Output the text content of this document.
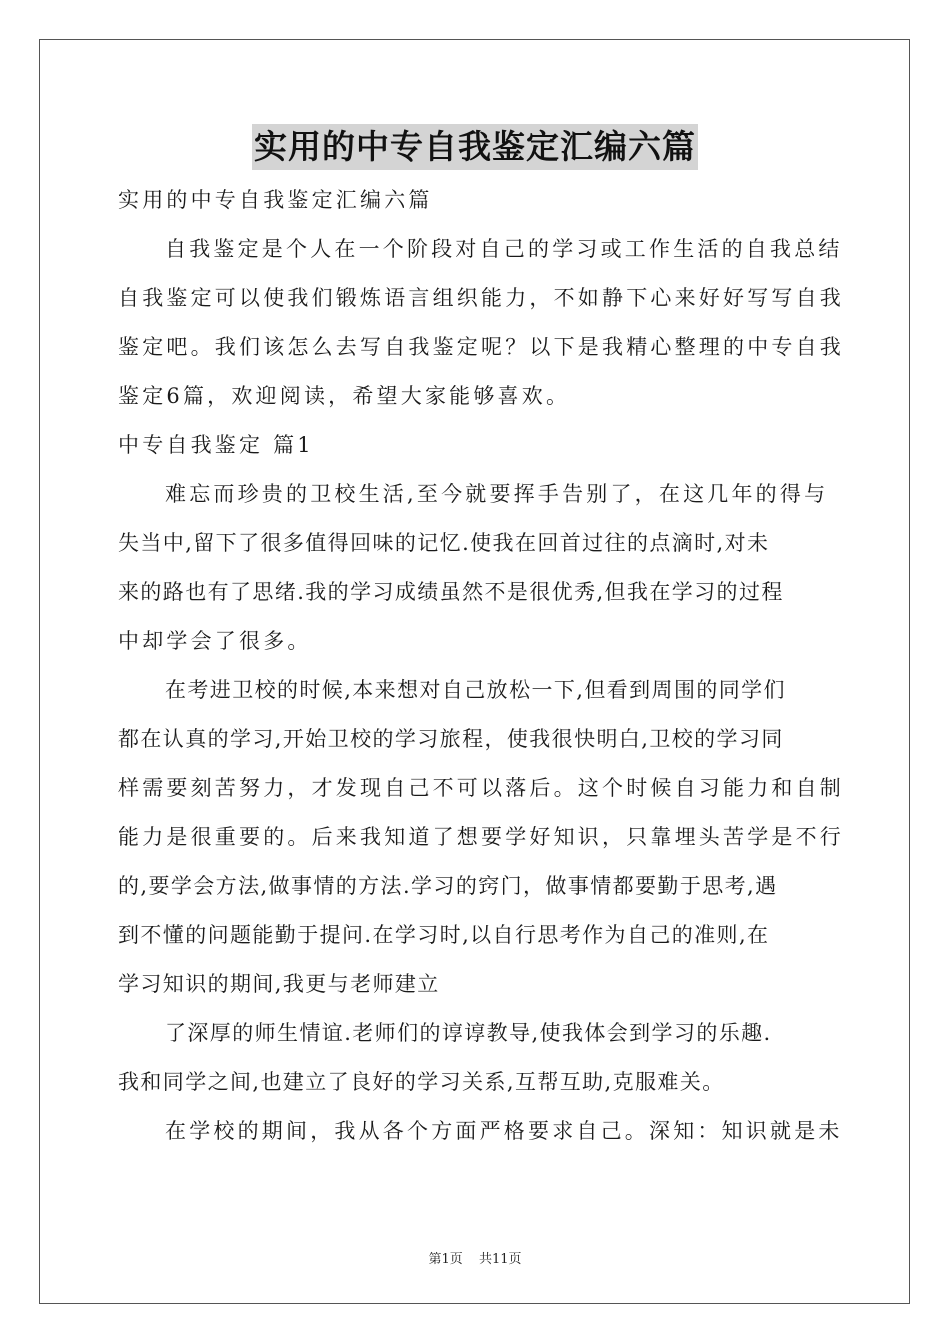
实用的中专自我鉴定汇编六篇
实用的中专自我鉴定汇编六篇
自我鉴定是个人在一个阶段对自己的学习或工作生活的自我总结
自我鉴定可以使我们锻炼语言组织能力，不如静下心来好好写写自我
鉴定吧。我们该怎么去写自我鉴定呢？以下是我精心整理的中专自我
鉴定6篇，欢迎阅读，希望大家能够喜欢。
中专自我鉴定 篇1
难忘而珍贵的卫校生活,至今就要挥手告别了，在这几年的得与
失当中,留下了很多值得回味的记忆.使我在回首过往的点滴时,对未
来的路也有了思绪.我的学习成绩虽然不是很优秀,但我在学习的过程
中却学会了很多。
在考进卫校的时候,本来想对自己放松一下,但看到周围的同学们
都在认真的学习,开始卫校的学习旅程，使我很快明白,卫校的学习同
样需要刻苦努力，才发现自己不可以落后。这个时候自习能力和自制
能力是很重要的。后来我知道了想要学好知识，只靠埋头苦学是不行
的,要学会方法,做事情的方法.学习的窍门，做事情都要勤于思考,遇
到不懂的问题能勤于提问.在学习时,以自行思考作为自己的准则,在
学习知识的期间,我更与老师建立
了深厚的师生情谊.老师们的谆谆教导,使我体会到学习的乐趣.
我和同学之间,也建立了良好的学习关系,互帮互助,克服难关。
在学校的期间，我从各个方面严格要求自己。深知：知识就是未
第1页 共11页
